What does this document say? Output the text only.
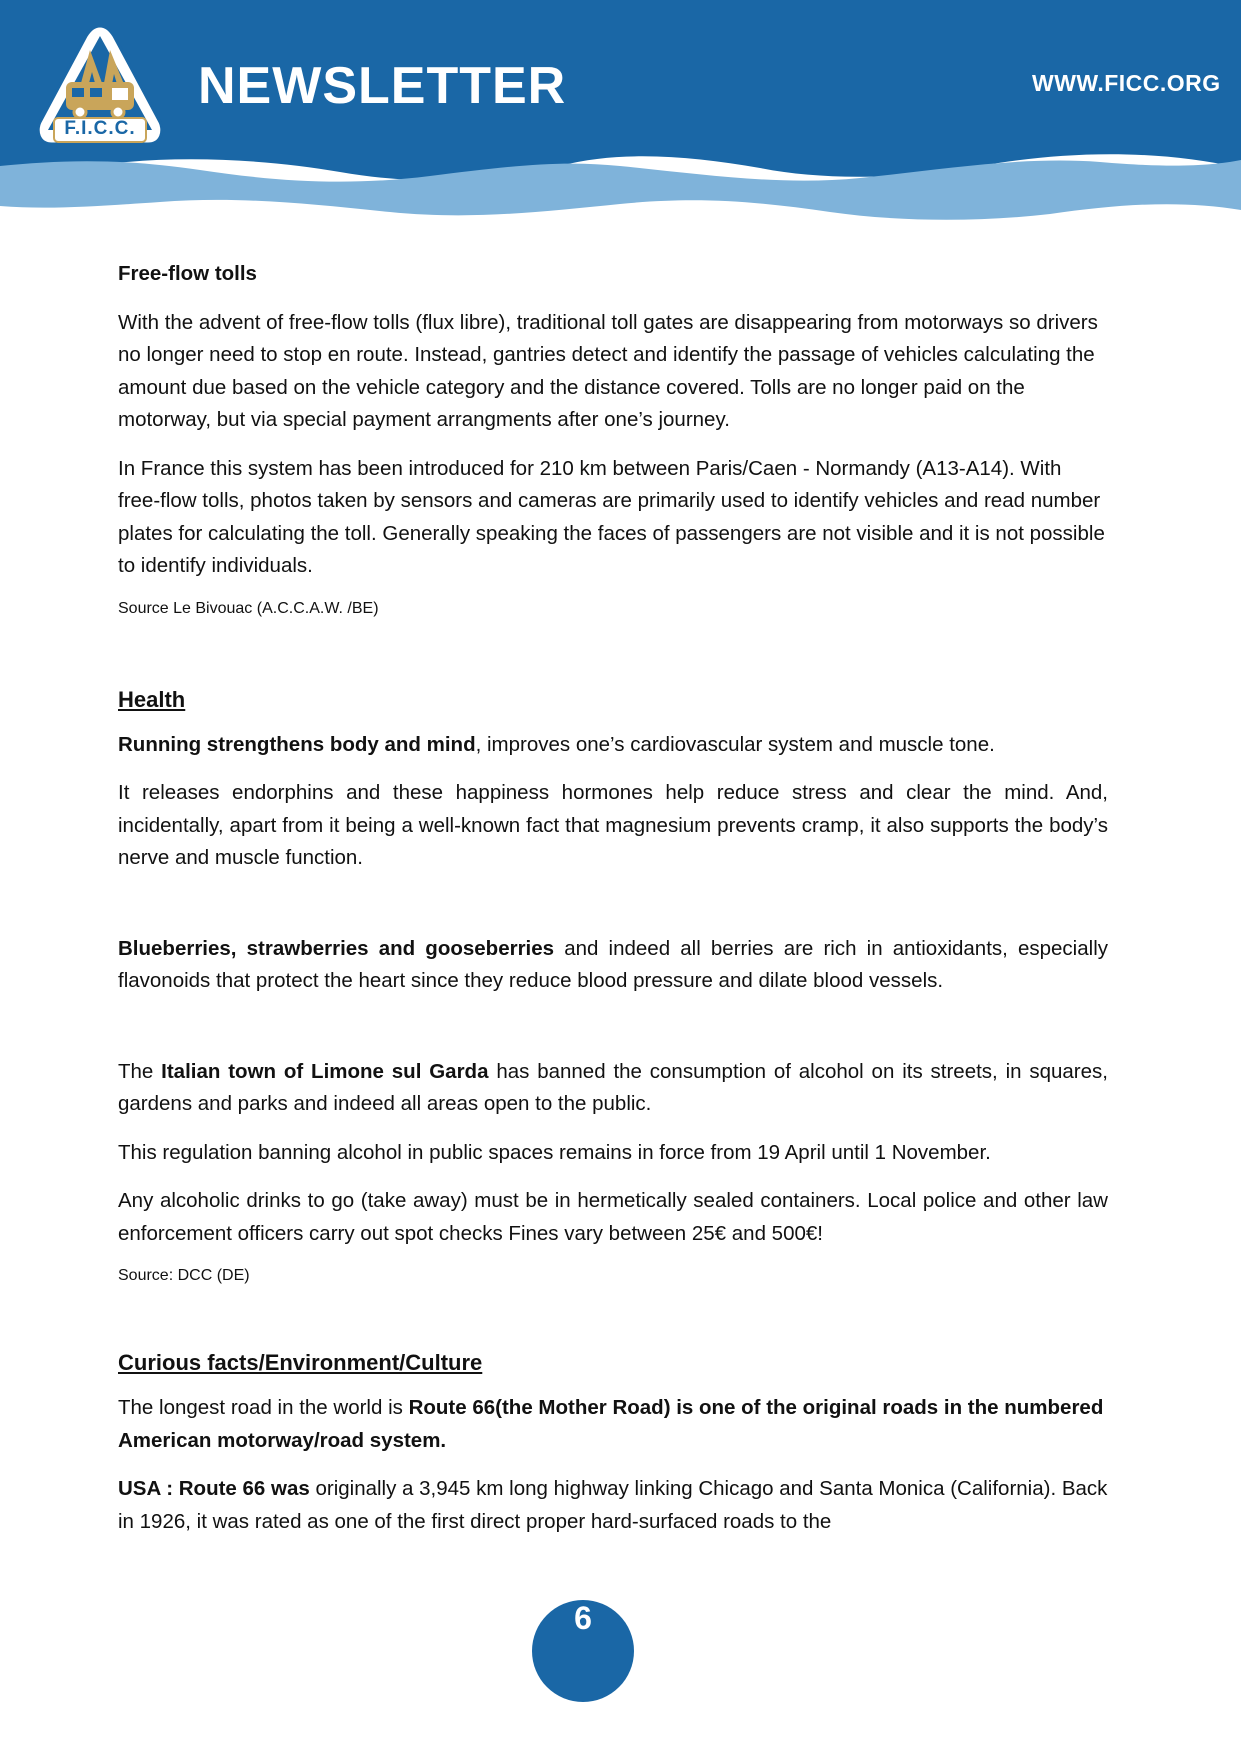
F.I.C.C.
NEWSLETTER	WWW.FICC.ORG

Free-flow tolls

With the advent of free-flow tolls (flux libre), traditional toll gates are disappearing from motorways so drivers no longer need to stop en route. Instead, gantries detect and identify the passage of vehicles calculating the amount due based on the vehicle category and the distance covered. Tolls are no longer paid on the motorway, but via special payment arrangments after one’s journey.

In France this system has been introduced for 210 km between Paris/Caen - Normandy (A13-A14). With free-flow tolls, photos taken by sensors and cameras are primarily used to identify vehicles and read number plates for calculating the toll. Generally speaking the faces of passengers are not visible and it is not possible to identify individuals.

Source Le Bivouac (A.C.C.A.W. /BE)

Health

Running strengthens body and mind, improves one’s cardiovascular system and muscle tone.

It releases endorphins and these happiness hormones help reduce stress and clear the mind. And, incidentally, apart from it being a well-known fact that magnesium prevents cramp, it also supports the body’s nerve and muscle function.

Blueberries, strawberries and gooseberries and indeed all berries are rich in antioxidants, especially flavonoids that protect the heart since they reduce blood pressure and dilate blood vessels.

The Italian town of Limone sul Garda has banned the consumption of alcohol on its streets, in squares, gardens and parks and indeed all areas open to the public.

This regulation banning alcohol in public spaces remains in force from 19 April until 1 November.

Any alcoholic drinks to go (take away) must be in hermetically sealed containers. Local police and other law enforcement officers carry out spot checks Fines vary between 25€ and 500€!

Source: DCC (DE)

Curious facts/Environment/Culture

The longest road in the world is Route 66(the Mother Road) is one of the original roads in the numbered American motorway/road system.

USA : Route 66 was originally a 3,945 km long highway linking Chicago and Santa Monica (California). Back in 1926, it was rated as one of the first direct proper hard-surfaced roads to the

6
